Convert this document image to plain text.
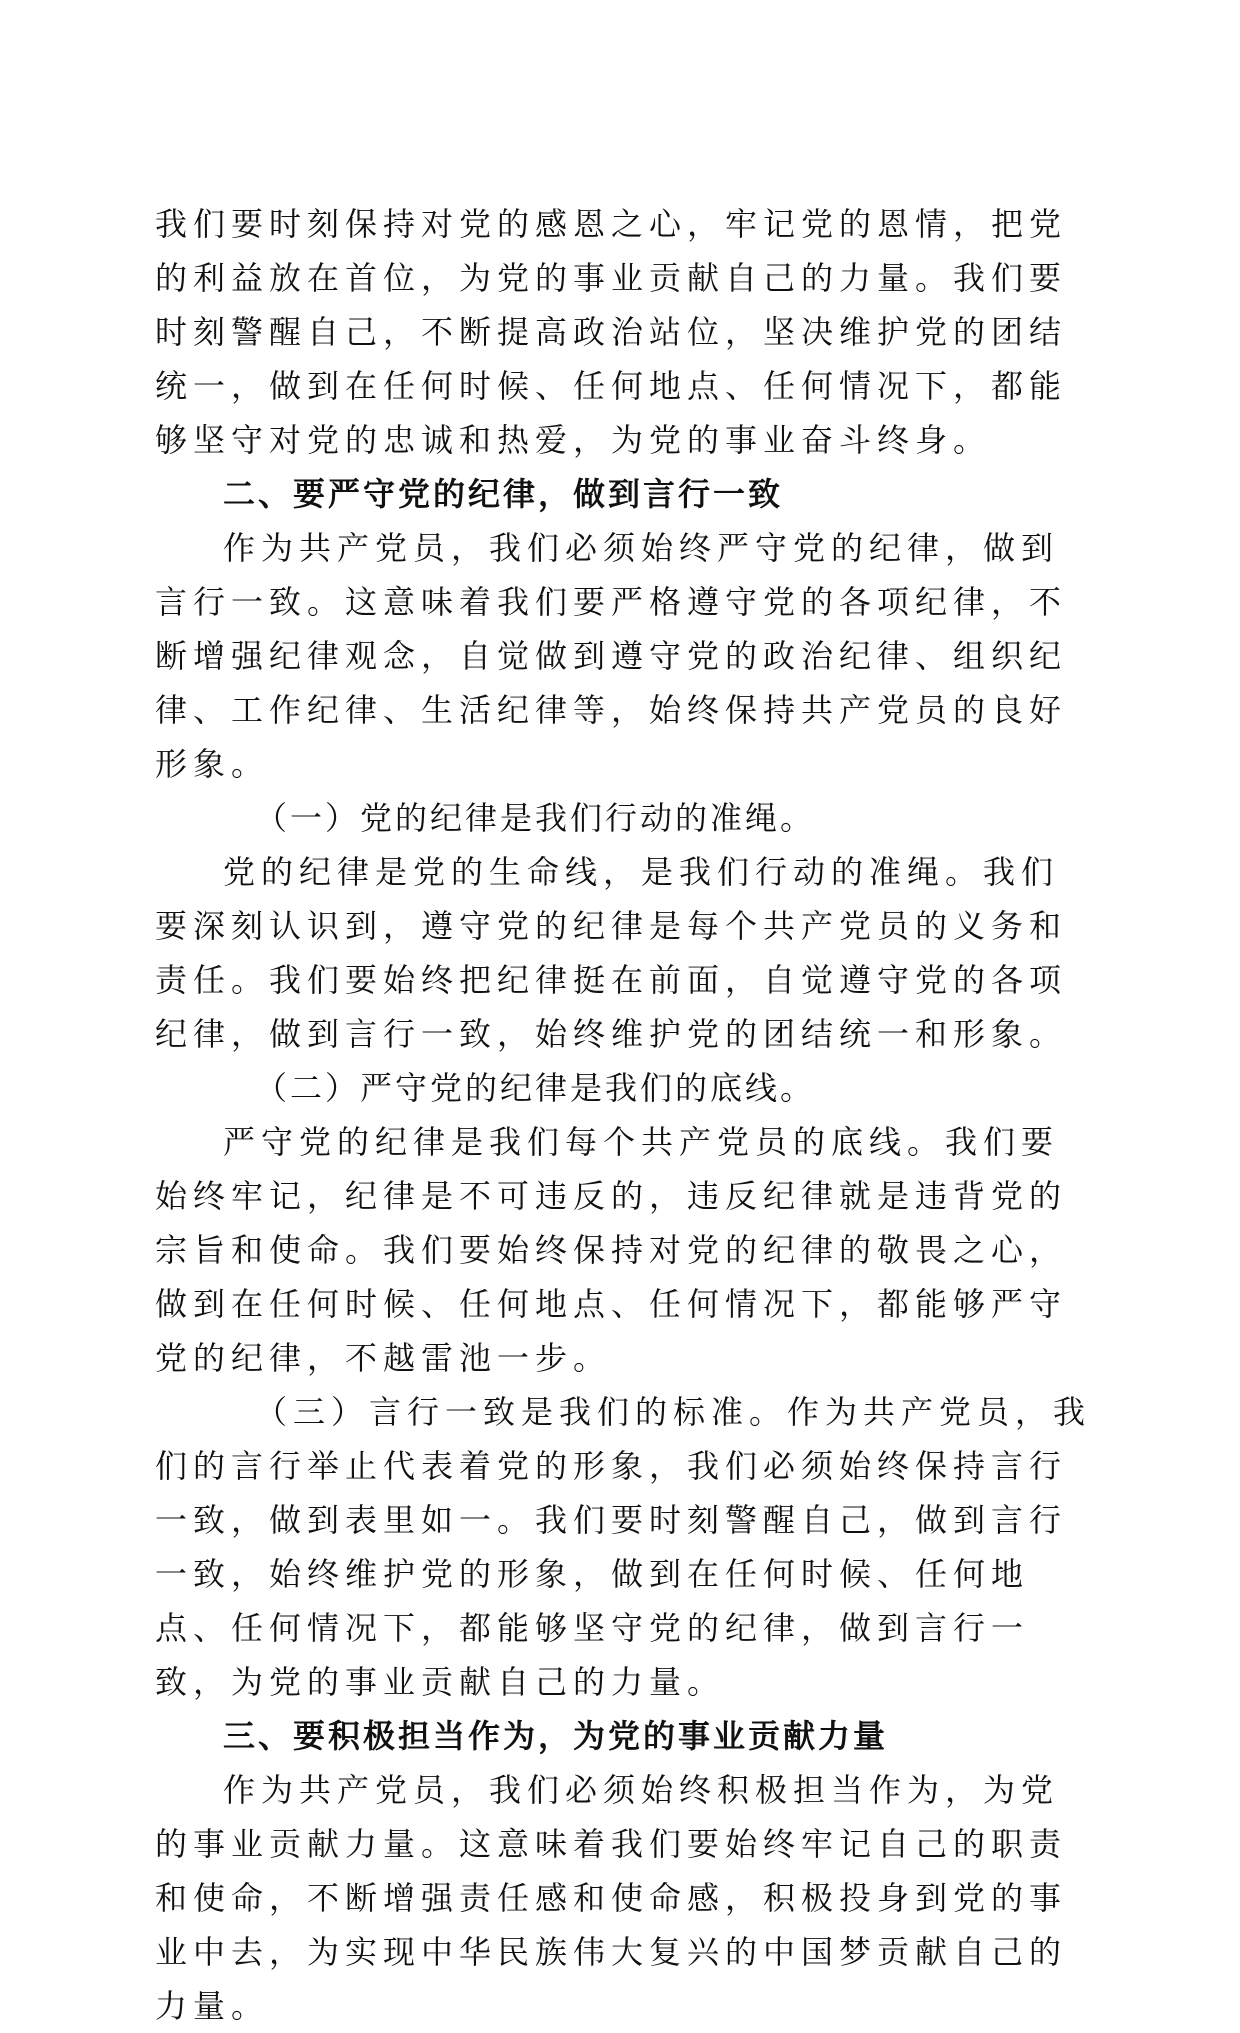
我们要时刻保持对党的感恩之心，牢记党的恩情，把党的利益放在首位，为党的事业贡献自己的力量。我们要时刻警醒自己，不断提高政治站位，坚决维护党的团结统一，做到在任何时候、任何地点、任何情况下，都能够坚守对党的忠诚和热爱，为党的事业奋斗终身。

二、要严守党的纪律，做到言行一致

作为共产党员，我们必须始终严守党的纪律，做到言行一致。这意味着我们要严格遵守党的各项纪律，不断增强纪律观念，自觉做到遵守党的政治纪律、组织纪律、工作纪律、生活纪律等，始终保持共产党员的良好形象。

（一）党的纪律是我们行动的准绳。

党的纪律是党的生命线，是我们行动的准绳。我们要深刻认识到，遵守党的纪律是每个共产党员的义务和责任。我们要始终把纪律挺在前面，自觉遵守党的各项纪律，做到言行一致，始终维护党的团结统一和形象。

（二）严守党的纪律是我们的底线。

严守党的纪律是我们每个共产党员的底线。我们要始终牢记，纪律是不可违反的，违反纪律就是违背党的宗旨和使命。我们要始终保持对党的纪律的敬畏之心，做到在任何时候、任何地点、任何情况下，都能够严守党的纪律，不越雷池一步。

（三）言行一致是我们的标准。作为共产党员，我们的言行举止代表着党的形象，我们必须始终保持言行一致，做到表里如一。我们要时刻警醒自己，做到言行一致，始终维护党的形象，做到在任何时候、任何地点、任何情况下，都能够坚守党的纪律，做到言行一致，为党的事业贡献自己的力量。

三、要积极担当作为，为党的事业贡献力量

作为共产党员，我们必须始终积极担当作为，为党的事业贡献力量。这意味着我们要始终牢记自己的职责和使命，不断增强责任感和使命感，积极投身到党的事业中去，为实现中华民族伟大复兴的中国梦贡献自己的力量。
